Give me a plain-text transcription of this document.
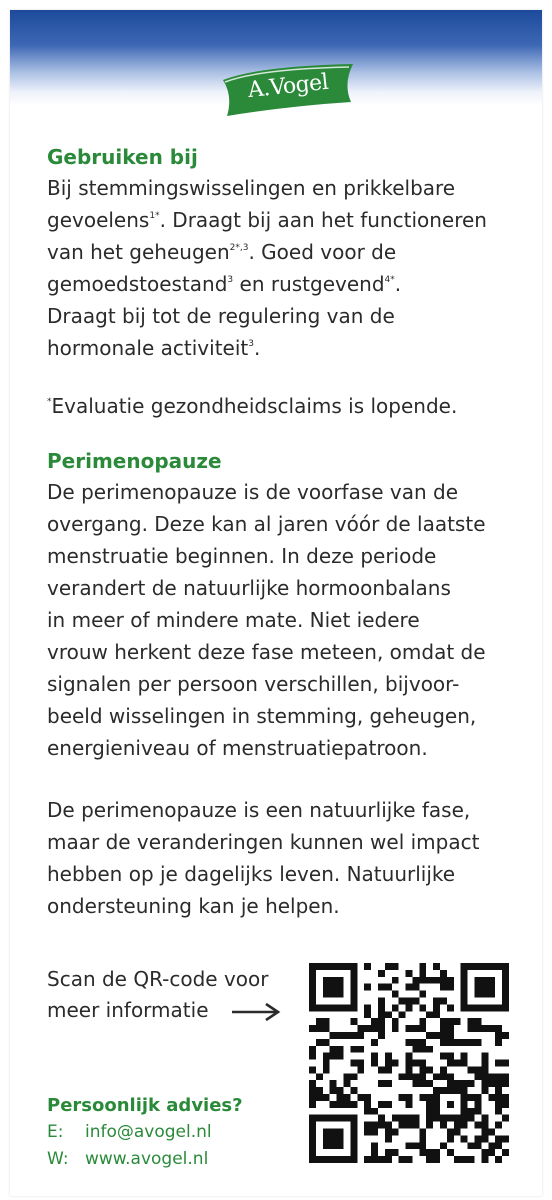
A.Vogel
Gebruiken bij

Bij stemmingswisselingen en prikkelbare
gevoelens$^{1*}$. Draagt bij aan het functioneren
van het geheugen$^{2*,3}$. Goed voor de
gemoedstoestand$^3$ en rustgevend$^{4*}$.
Draagt bij tot de regulering van de
hormonale activiteit$^3$.

*Evaluatie gezondheidsclaims is lopende.

Perimenopauze

De perimenopauze is de voorfase van de
overgang. Deze kan al jaren vóór de laatste
menstruatie beginnen. In deze periode
verandert de natuurlijke hormoonbalans
in meer of mindere mate. Niet iedere
vrouw herkent deze fase meteen, omdat de
signalen per persoon verschillen, bijvoor-
beeld wisselingen in stemming, geheugen,
energieniveau of menstruatiepatroon.

De perimenopauze is een natuurlijke fase,
maar de veranderingen kunnen wel impact
hebben op je dagelijks leven. Natuurlijke
ondersteuning kan je helpen.

Scan de QR-code voor
meer informatie
Persoonlijk advies?
E:	info@avogel.nl
W: www.avogel.nl
